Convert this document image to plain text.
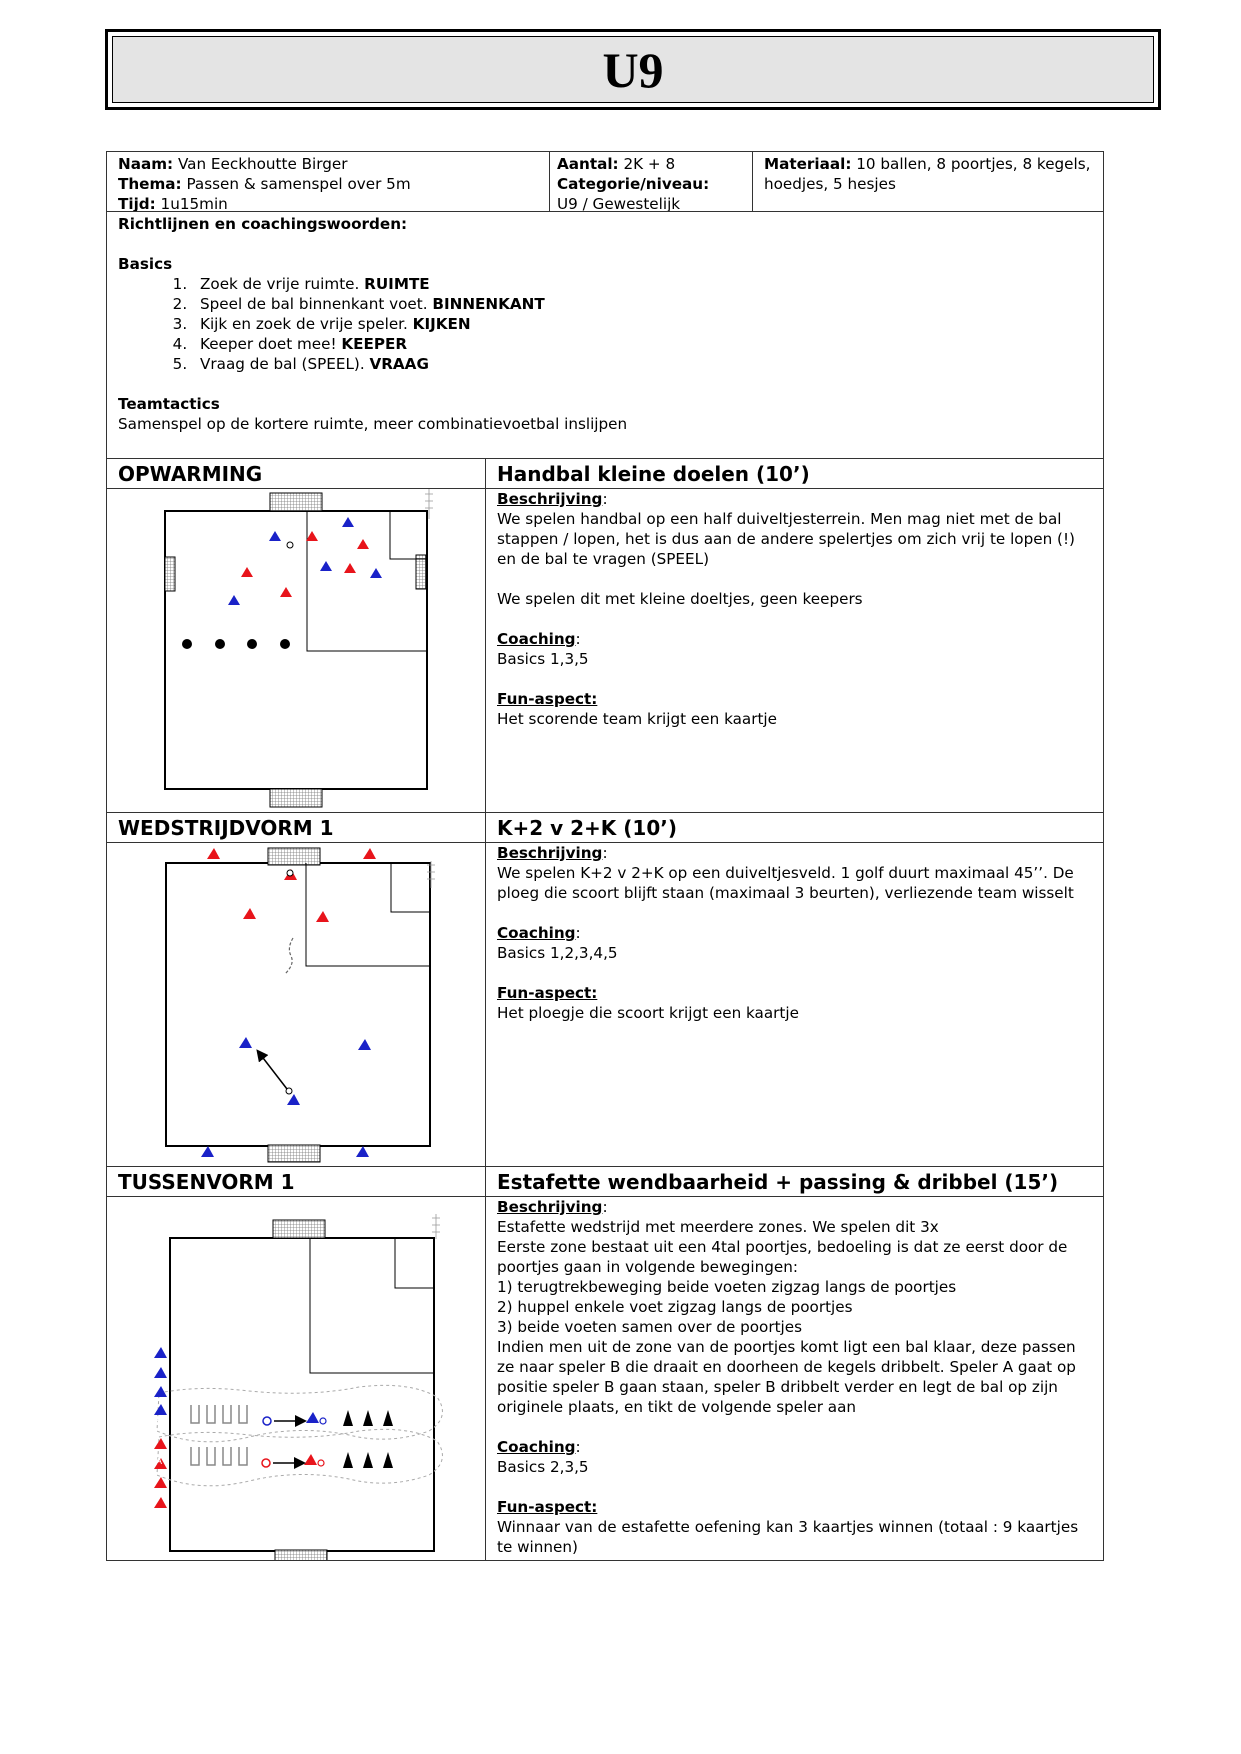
U9

Naam: Van Eeckhoutte Birger

Thema: Passen & samenspel over 5m

Tijd: 1u15min

Aantal: 2K + 8

Categorie/niveau:

U9 / Gewestelijk

Materiaal: 10 ballen, 8 poortjes, 8 kegels, hoedjes, 5 hesjes

Richtlijnen en coachingswoorden:

Basics

1. Zoek de vrije ruimte. RUIMTE
2. Speel de bal binnenkant voet. BINNENKANT
3. Kijk en zoek de vrije speler. KIJKEN
4. Keeper doet mee! KEEPER
5. Vraag de bal (SPEEL). VRAAG

Teamtactics

Samenspel op de kortere ruimte, meer combinatievoetbal inslijpen

OPWARMING	Handbal kleine doelen (10’)

Beschrijving:

We spelen handbal op een half duiveltjesterrein. Men mag niet met de bal stappen / lopen, het is dus aan de andere spelertjes om zich vrij te lopen (!) en de bal te vragen (SPEEL)

We spelen dit met kleine doeltjes, geen keepers

Coaching:

Basics 1,3,5

Fun-aspect:

Het scorende team krijgt een kaartje

WEDSTRIJDVORM 1	K+2 v 2+K (10’)

Beschrijving:

We spelen K+2 v 2+K op een duiveltjesveld. 1 golf duurt maximaal 45’’. De ploeg die scoort blijft staan (maximaal 3 beurten), verliezende team wisselt

Coaching:

Basics 1,2,3,4,5

Fun-aspect:

Het ploegje die scoort krijgt een kaartje

TUSSENVORM 1	Estafette wendbaarheid + passing & dribbel (15’)
A
A
B
B

Beschrijving:

Estafette wedstrijd met meerdere zones. We spelen dit 3x

Eerste zone bestaat uit een 4tal poortjes, bedoeling is dat ze eerst door de poortjes gaan in volgende bewegingen:

1) terugtrekbeweging beide voeten zigzag langs de poortjes

2) huppel enkele voet zigzag langs de poortjes

3) beide voeten samen over de poortjes

Indien men uit de zone van de poortjes komt ligt een bal klaar, deze passen ze naar speler B die draait en doorheen de kegels dribbelt. Speler A gaat op positie speler B gaan staan, speler B dribbelt verder en legt de bal op zijn originele plaats, en tikt de volgende speler aan

Coaching:

Basics 2,3,5

Fun-aspect:

Winnaar van de estafette oefening kan 3 kaartjes winnen (totaal : 9 kaartjes te winnen)
